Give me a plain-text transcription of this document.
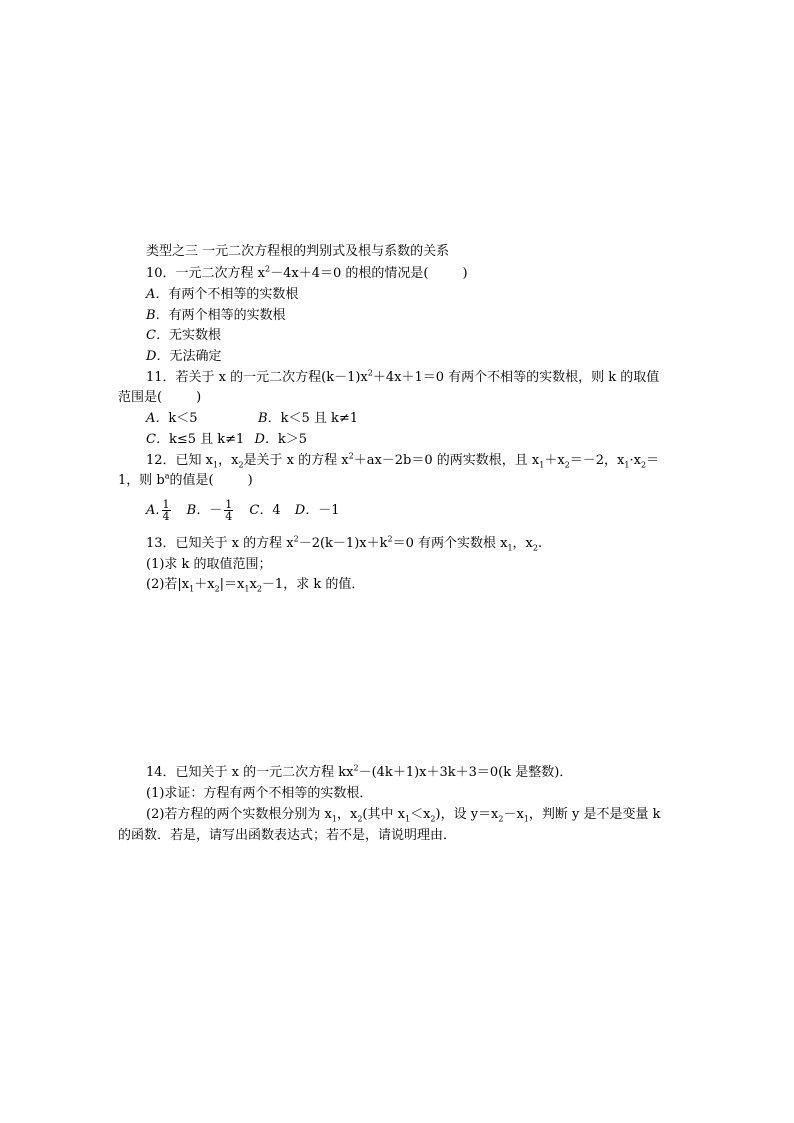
类型之三 一元二次方程根的判别式及根与系数的关系
10．一元二次方程 $x^2-4x+4=0$ 的根的情况是(	)
A．有两个不相等的实数根
B．有两个相等的实数根
C．无实数根
D．无法确定
11．若关于 x 的一元二次方程$(k-1)x^2+4x+1=0$ 有两个不相等的实数根，则 k 的取值
范围是(	)
A．k＜5	B．k＜5 且 k≠1
C．k≤5 且 k≠1 D．k＞5
12．已知 $x_1$，$x_2$是关于 x 的方程 $x^2+ax-2b=0$ 的两实数根，且 $x_1+x_2=-2$，$x_1\cdot x_2=$
1，则 $b^a$的值是(	)
A. $\frac{1}{4}$ B．－ $\frac{1}{4}$ C．4 D．－1
13．已知关于 x 的方程 $x^2-2(k-1)x+k^2=0$ 有两个实数根 $x_1$，$x_2$.
(1)求 k 的取值范围；
(2)若$|x_1+x_2|=x_1x_2-1$，求 k 的值．
14．已知关于 x 的一元二次方程 $kx^2-(4k+1)x+3k+3=0(k$ 是整数)．
(1)求证：方程有两个不相等的实数根．
(2)若方程的两个实数根分别为 $x_1$，$x_2$(其中 $x_1<x_2$)，设 $y=x_2-x_1$，判断 y 是不是变量 k
的函数．若是，请写出函数表达式；若不是，请说明理由．
